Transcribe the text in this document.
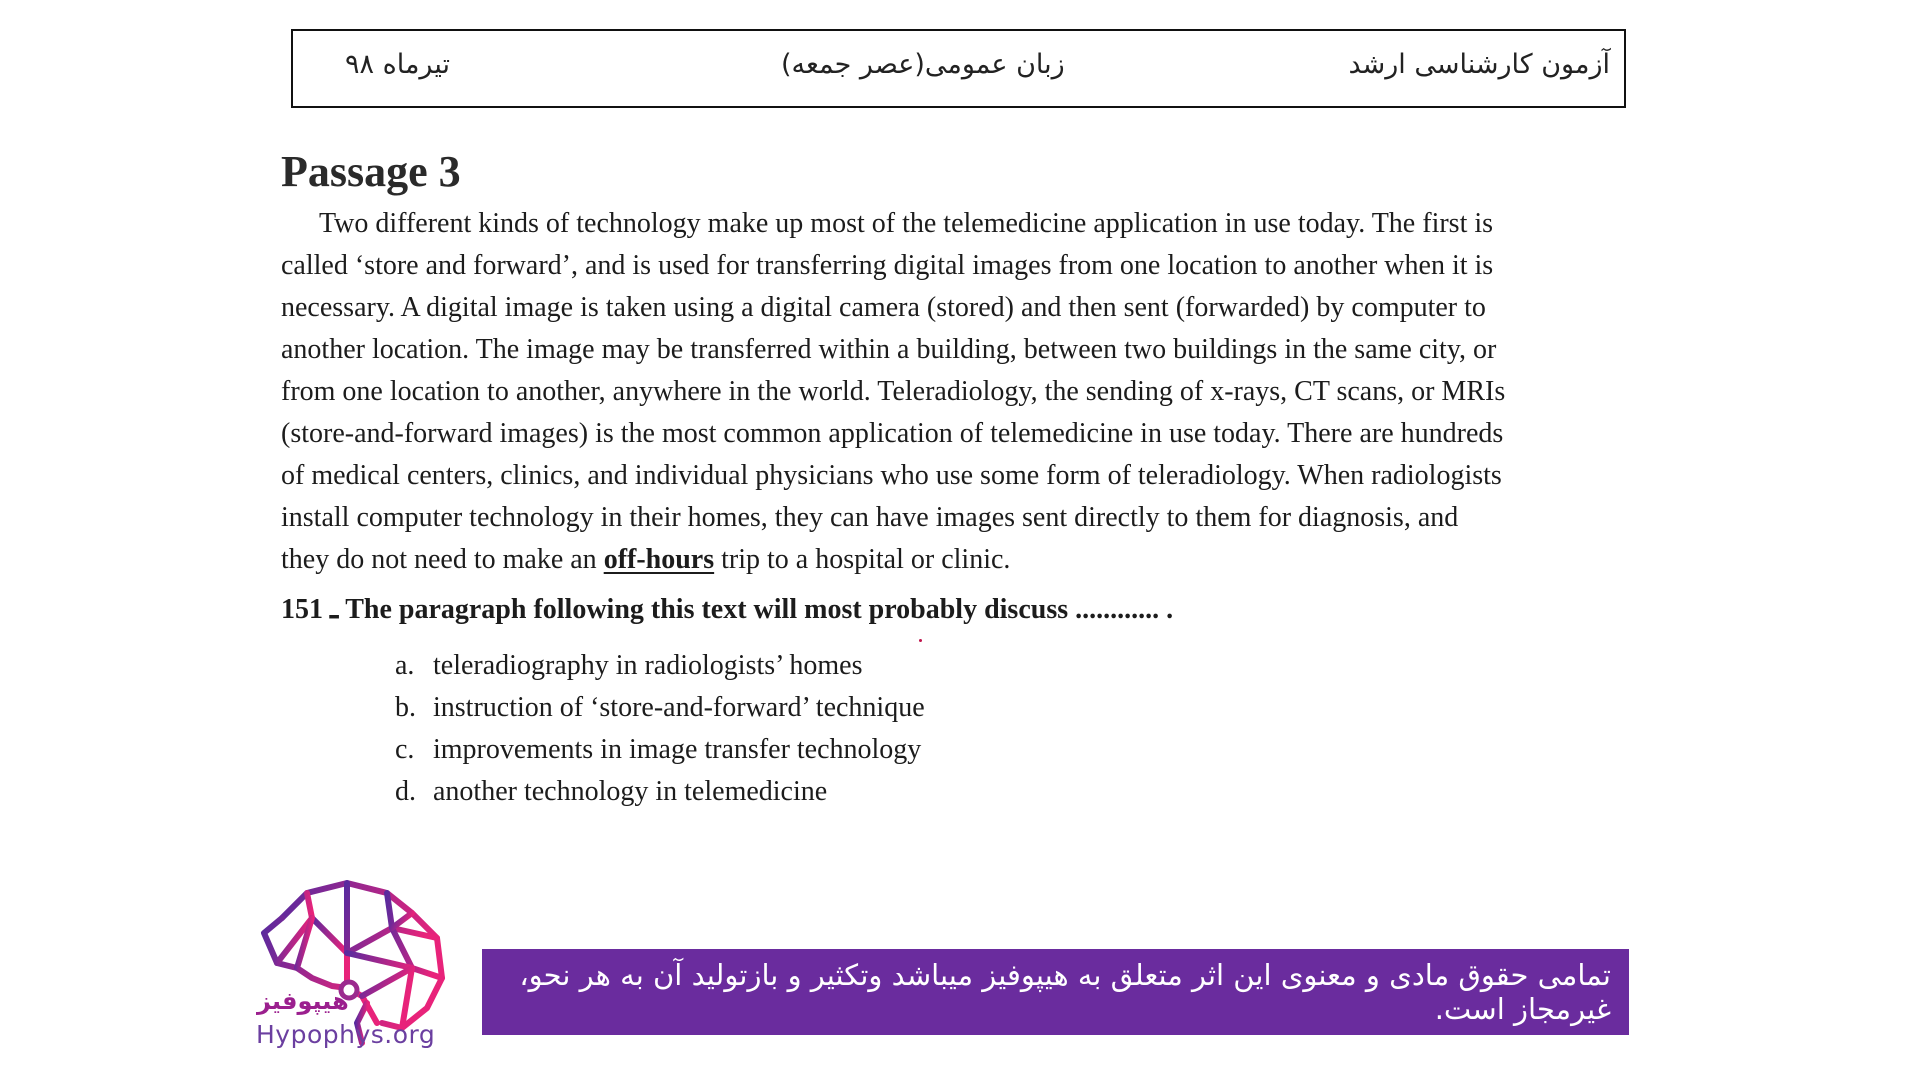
تیرماه ۹۸	زبان عمومی(عصر جمعه)	آزمون کارشناسی ارشد
Passage 3
Two different kinds of technology make up most of the telemedicine application in use today. The first is
called ‘store and forward’, and is used for transferring digital images from one location to another when it is
necessary. A digital image is taken using a digital camera (stored) and then sent (forwarded) by computer to
another location. The image may be transferred within a building, between two buildings in the same city, or
from one location to another, anywhere in the world. Teleradiology, the sending of x-rays, CT scans, or MRIs
(store-and-forward images) is the most common application of telemedicine in use today. There are hundreds
of medical centers, clinics, and individual physicians who use some form of teleradiology. When radiologists
install computer technology in their homes, they can have images sent directly to them for diagnosis, and
they do not need to make an off-hours trip to a hospital or clinic.
151 ـ The paragraph following this text will most probably discuss ............ .
a. teleradiography in radiologists’ homes
b. instruction of ‘store-and-forward’ technique
c. improvements in image transfer technology
d. another technology in telemedicine
هیپوفیز
Hypophys.org
تمامی حقوق مادی و معنوی این اثر متعلق به هیپوفیز میباشد وتکثیر و بازتولید آن به هر نحو، غیرمجاز است.
